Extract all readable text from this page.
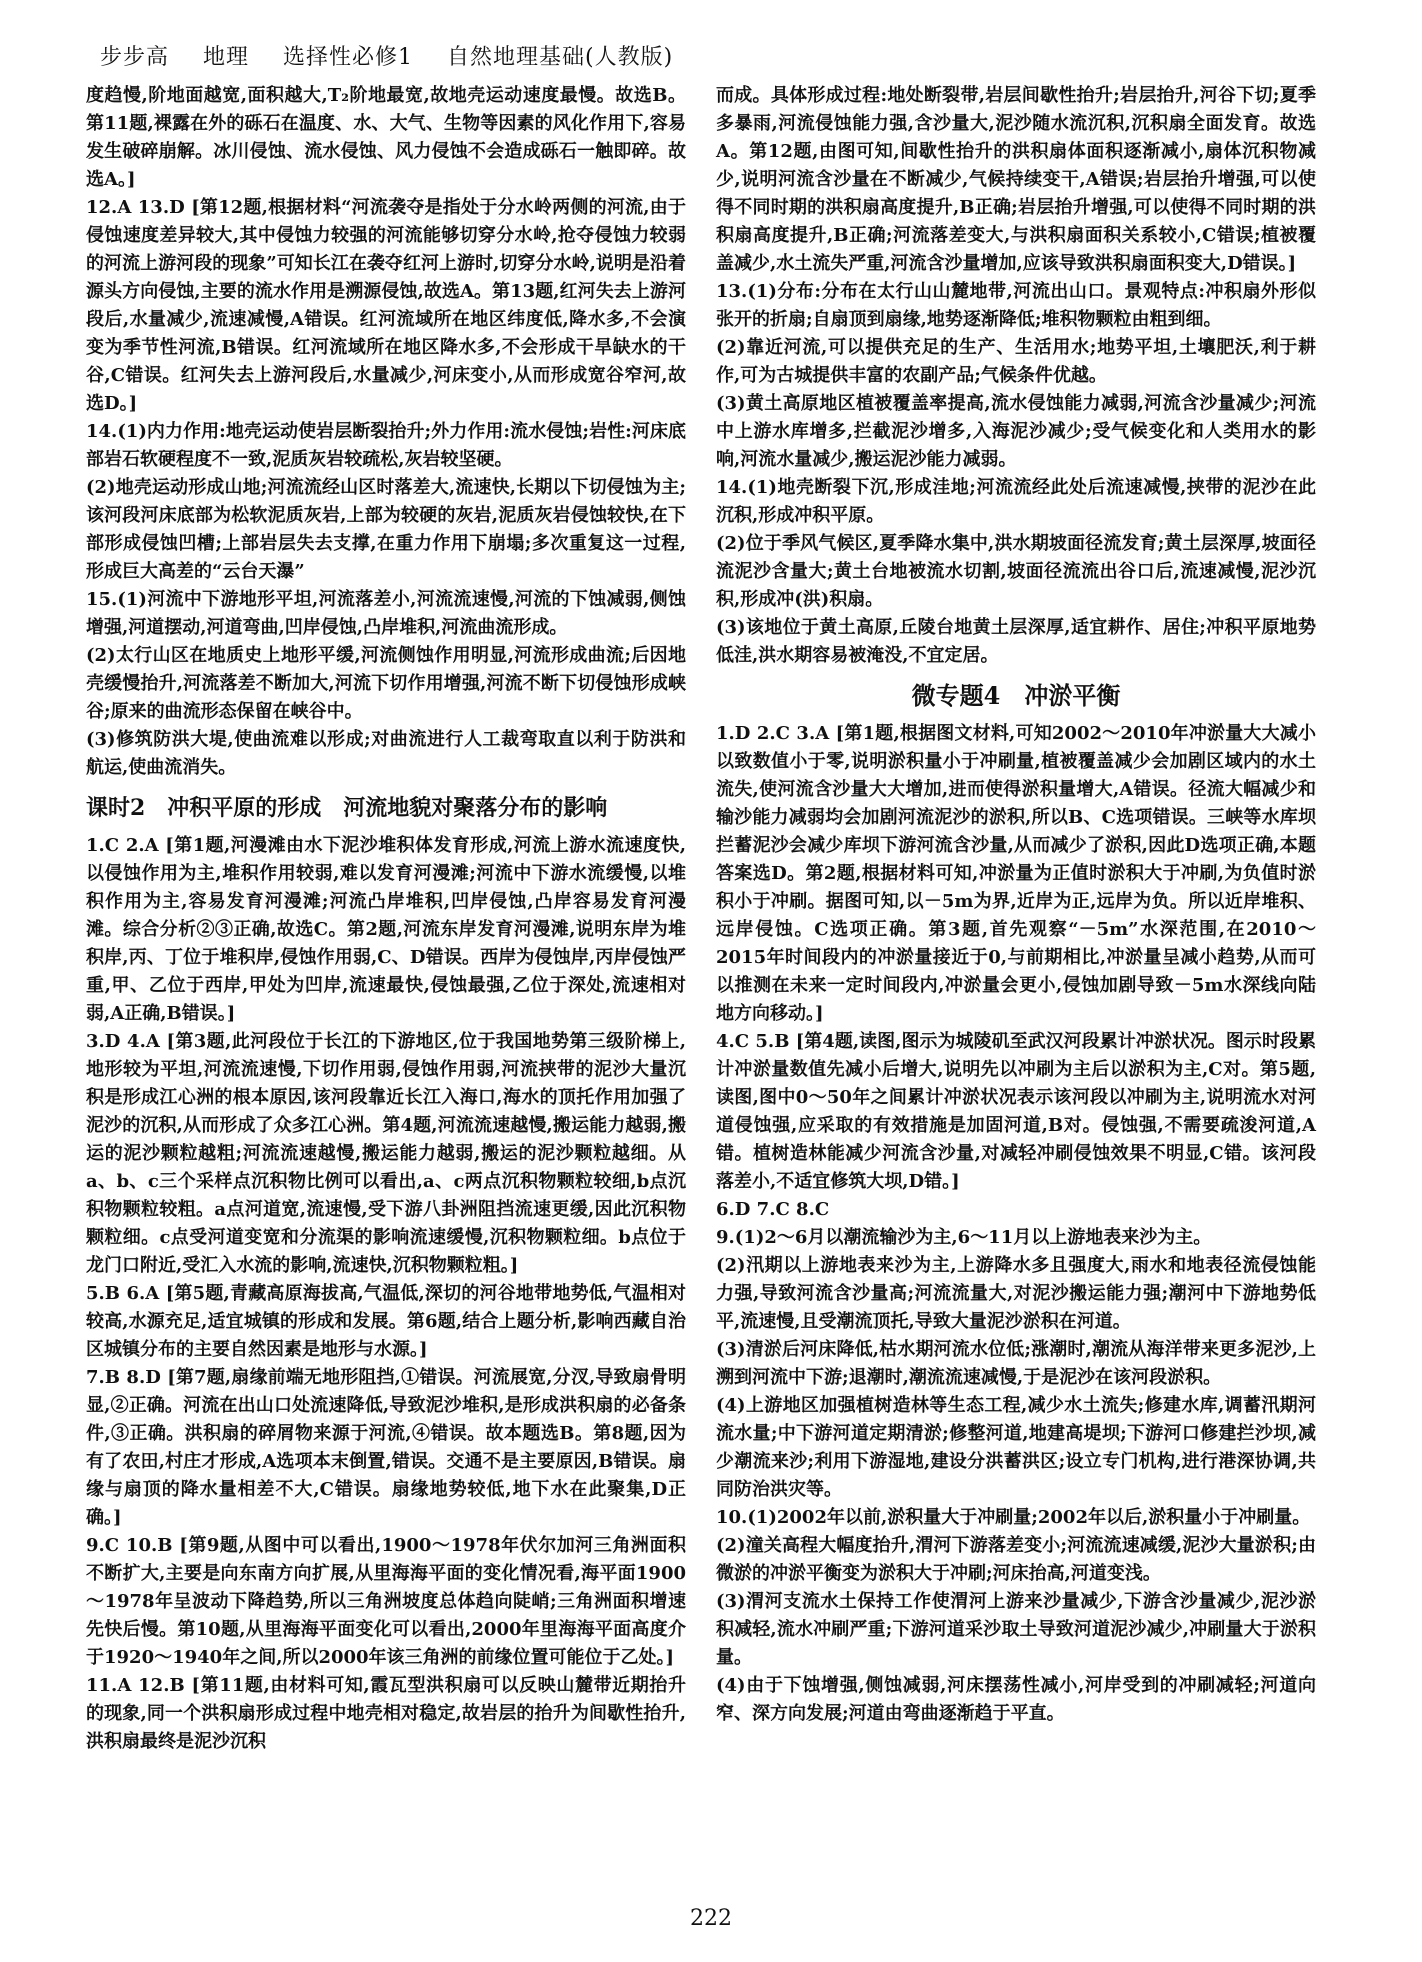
步步高 地理 选择性必修1 自然地理基础(人教版)

度趋慢,阶地面越宽,面积越大,T₂阶地最宽,故地壳运动速度最慢。故选B。第11题,裸露在外的砾石在温度、水、大气、生物等因素的风化作用下,容易发生破碎崩解。冰川侵蚀、流水侵蚀、风力侵蚀不会造成砾石一触即碎。故选A。]

12.A 13.D [第12题,根据材料“河流袭夺是指处于分水岭两侧的河流,由于侵蚀速度差异较大,其中侵蚀力较强的河流能够切穿分水岭,抢夺侵蚀力较弱的河流上游河段的现象”可知长江在袭夺红河上游时,切穿分水岭,说明是沿着源头方向侵蚀,主要的流水作用是溯源侵蚀,故选A。第13题,红河失去上游河段后,水量减少,流速减慢,A错误。红河流域所在地区纬度低,降水多,不会演变为季节性河流,B错误。红河流域所在地区降水多,不会形成干旱缺水的干谷,C错误。红河失去上游河段后,水量减少,河床变小,从而形成宽谷窄河,故选D。]

14.(1)内力作用:地壳运动使岩层断裂抬升;外力作用:流水侵蚀;岩性:河床底部岩石软硬程度不一致,泥质灰岩较疏松,灰岩较坚硬。

(2)地壳运动形成山地;河流流经山区时落差大,流速快,长期以下切侵蚀为主;该河段河床底部为松软泥质灰岩,上部为较硬的灰岩,泥质灰岩侵蚀较快,在下部形成侵蚀凹槽;上部岩层失去支撑,在重力作用下崩塌;多次重复这一过程,形成巨大高差的“云台天瀑”

15.(1)河流中下游地形平坦,河流落差小,河流流速慢,河流的下蚀减弱,侧蚀增强,河道摆动,河道弯曲,凹岸侵蚀,凸岸堆积,河流曲流形成。

(2)太行山区在地质史上地形平缓,河流侧蚀作用明显,河流形成曲流;后因地壳缓慢抬升,河流落差不断加大,河流下切作用增强,河流不断下切侵蚀形成峡谷;原来的曲流形态保留在峡谷中。

(3)修筑防洪大堤,使曲流难以形成;对曲流进行人工裁弯取直以利于防洪和航运,使曲流消失。

课时2　冲积平原的形成　河流地貌对聚落分布的影响

1.C 2.A [第1题,河漫滩由水下泥沙堆积体发育形成,河流上游水流速度快,以侵蚀作用为主,堆积作用较弱,难以发育河漫滩;河流中下游水流缓慢,以堆积作用为主,容易发育河漫滩;河流凸岸堆积,凹岸侵蚀,凸岸容易发育河漫滩。综合分析②③正确,故选C。第2题,河流东岸发育河漫滩,说明东岸为堆积岸,丙、丁位于堆积岸,侵蚀作用弱,C、D错误。西岸为侵蚀岸,丙岸侵蚀严重,甲、乙位于西岸,甲处为凹岸,流速最快,侵蚀最强,乙位于深处,流速相对弱,A正确,B错误。]

3.D 4.A [第3题,此河段位于长江的下游地区,位于我国地势第三级阶梯上,地形较为平坦,河流流速慢,下切作用弱,侵蚀作用弱,河流挟带的泥沙大量沉积是形成江心洲的根本原因,该河段靠近长江入海口,海水的顶托作用加强了泥沙的沉积,从而形成了众多江心洲。第4题,河流流速越慢,搬运能力越弱,搬运的泥沙颗粒越粗;河流流速越慢,搬运能力越弱,搬运的泥沙颗粒越细。从a、b、c三个采样点沉积物比例可以看出,a、c两点沉积物颗粒较细,b点沉积物颗粒较粗。a点河道宽,流速慢,受下游八卦洲阻挡流速更缓,因此沉积物颗粒细。c点受河道变宽和分流渠的影响流速缓慢,沉积物颗粒细。b点位于龙门口附近,受汇入水流的影响,流速快,沉积物颗粒粗。]

5.B 6.A [第5题,青藏高原海拔高,气温低,深切的河谷地带地势低,气温相对较高,水源充足,适宜城镇的形成和发展。第6题,结合上题分析,影响西藏自治区城镇分布的主要自然因素是地形与水源。]

7.B 8.D [第7题,扇缘前端无地形阻挡,①错误。河流展宽,分汊,导致扇骨明显,②正确。河流在出山口处流速降低,导致泥沙堆积,是形成洪积扇的必备条件,③正确。洪积扇的碎屑物来源于河流,④错误。故本题选B。第8题,因为有了农田,村庄才形成,A选项本末倒置,错误。交通不是主要原因,B错误。扇缘与扇顶的降水量相差不大,C错误。扇缘地势较低,地下水在此聚集,D正确。]

9.C 10.B [第9题,从图中可以看出,1900～1978年伏尔加河三角洲面积不断扩大,主要是向东南方向扩展,从里海海平面的变化情况看,海平面1900～1978年呈波动下降趋势,所以三角洲坡度总体趋向陡峭;三角洲面积增速先快后慢。第10题,从里海海平面变化可以看出,2000年里海海平面高度介于1920～1940年之间,所以2000年该三角洲的前缘位置可能位于乙处。]

11.A 12.B [第11题,由材料可知,霞瓦型洪积扇可以反映山麓带近期抬升的现象,同一个洪积扇形成过程中地壳相对稳定,故岩层的抬升为间歇性抬升,洪积扇最终是泥沙沉积

而成。具体形成过程:地处断裂带,岩层间歇性抬升;岩层抬升,河谷下切;夏季多暴雨,河流侵蚀能力强,含沙量大,泥沙随水流沉积,沉积扇全面发育。故选A。第12题,由图可知,间歇性抬升的洪积扇体面积逐渐减小,扇体沉积物减少,说明河流含沙量在不断减少,气候持续变干,A错误;岩层抬升增强,可以使得不同时期的洪积扇高度提升,B正确;岩层抬升增强,可以使得不同时期的洪积扇高度提升,B正确;河流落差变大,与洪积扇面积关系较小,C错误;植被覆盖减少,水土流失严重,河流含沙量增加,应该导致洪积扇面积变大,D错误。]

13.(1)分布:分布在太行山山麓地带,河流出山口。景观特点:冲积扇外形似张开的折扇;自扇顶到扇缘,地势逐渐降低;堆积物颗粒由粗到细。

(2)靠近河流,可以提供充足的生产、生活用水;地势平坦,土壤肥沃,利于耕作,可为古城提供丰富的农副产品;气候条件优越。

(3)黄土高原地区植被覆盖率提高,流水侵蚀能力减弱,河流含沙量减少;河流中上游水库增多,拦截泥沙增多,入海泥沙减少;受气候变化和人类用水的影响,河流水量减少,搬运泥沙能力减弱。

14.(1)地壳断裂下沉,形成洼地;河流流经此处后流速减慢,挟带的泥沙在此沉积,形成冲积平原。

(2)位于季风气候区,夏季降水集中,洪水期坡面径流发育;黄土层深厚,坡面径流泥沙含量大;黄土台地被流水切割,坡面径流流出谷口后,流速减慢,泥沙沉积,形成冲(洪)积扇。

(3)该地位于黄土高原,丘陵台地黄土层深厚,适宜耕作、居住;冲积平原地势低洼,洪水期容易被淹没,不宜定居。

微专题4　冲淤平衡

1.D 2.C 3.A [第1题,根据图文材料,可知2002～2010年冲淤量大大减小以致数值小于零,说明淤积量小于冲刷量,植被覆盖减少会加剧区域内的水土流失,使河流含沙量大大增加,进而使得淤积量增大,A错误。径流大幅减少和输沙能力减弱均会加剧河流泥沙的淤积,所以B、C选项错误。三峡等水库坝拦蓄泥沙会减少库坝下游河流含沙量,从而减少了淤积,因此D选项正确,本题答案选D。第2题,根据材料可知,冲淤量为正值时淤积大于冲刷,为负值时淤积小于冲刷。据图可知,以－5m为界,近岸为正,远岸为负。所以近岸堆积、远岸侵蚀。C选项正确。第3题,首先观察“－5m”水深范围,在2010～2015年时间段内的冲淤量接近于0,与前期相比,冲淤量呈减小趋势,从而可以推测在未来一定时间段内,冲淤量会更小,侵蚀加剧导致－5m水深线向陆地方向移动。]

4.C 5.B [第4题,读图,图示为城陵矶至武汉河段累计冲淤状况。图示时段累计冲淤量数值先减小后增大,说明先以冲刷为主后以淤积为主,C对。第5题,读图,图中0～50年之间累计冲淤状况表示该河段以冲刷为主,说明流水对河道侵蚀强,应采取的有效措施是加固河道,B对。侵蚀强,不需要疏浚河道,A错。植树造林能减少河流含沙量,对减轻冲刷侵蚀效果不明显,C错。该河段落差小,不适宜修筑大坝,D错。]

6.D 7.C 8.C

9.(1)2～6月以潮流输沙为主,6～11月以上游地表来沙为主。

(2)汛期以上游地表来沙为主,上游降水多且强度大,雨水和地表径流侵蚀能力强,导致河流含沙量高;河流流量大,对泥沙搬运能力强;潮河中下游地势低平,流速慢,且受潮流顶托,导致大量泥沙淤积在河道。

(3)清淤后河床降低,枯水期河流水位低;涨潮时,潮流从海洋带来更多泥沙,上溯到河流中下游;退潮时,潮流流速减慢,于是泥沙在该河段淤积。

(4)上游地区加强植树造林等生态工程,减少水土流失;修建水库,调蓄汛期河流水量;中下游河道定期清淤;修整河道,地建高堤坝;下游河口修建拦沙坝,减少潮流来沙;利用下游湿地,建设分洪蓄洪区;设立专门机构,进行港深协调,共同防治洪灾等。

10.(1)2002年以前,淤积量大于冲刷量;2002年以后,淤积量小于冲刷量。

(2)潼关高程大幅度抬升,渭河下游落差变小;河流流速减缓,泥沙大量淤积;由微淤的冲淤平衡变为淤积大于冲刷;河床抬高,河道变浅。

(3)渭河支流水土保持工作使渭河上游来沙量减少,下游含沙量减少,泥沙淤积减轻,流水冲刷严重;下游河道采沙取土导致河道泥沙减少,冲刷量大于淤积量。

(4)由于下蚀增强,侧蚀减弱,河床摆荡性减小,河岸受到的冲刷减轻;河道向窄、深方向发展;河道由弯曲逐渐趋于平直。

222
